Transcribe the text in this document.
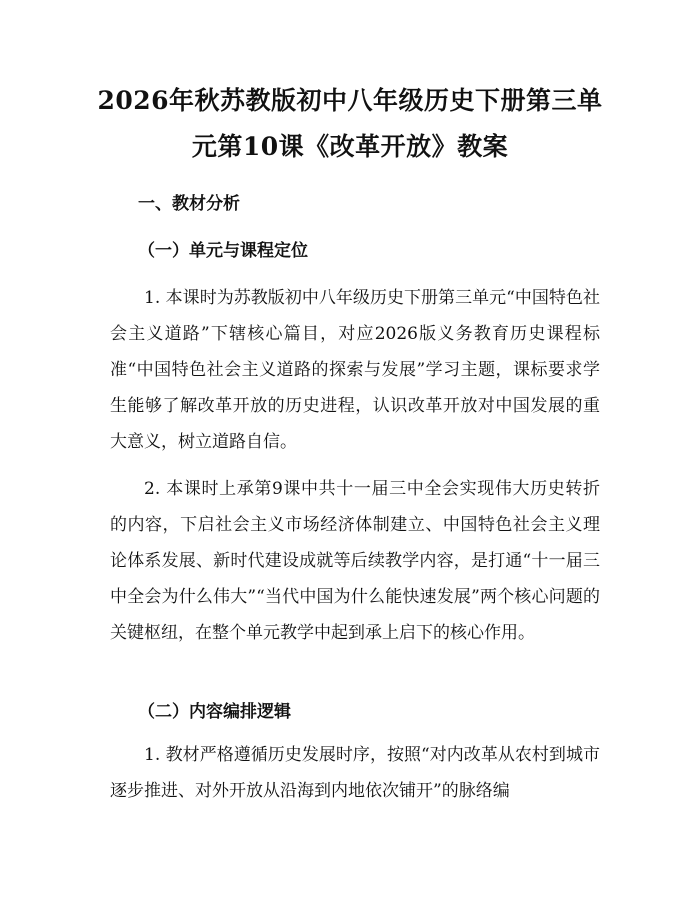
2026年秋苏教版初中八年级历史下册第三单
元第10课《改革开放》教案
一、教材分析
（一）单元与课程定位

1. 本课时为苏教版初中八年级历史下册第三单元“中国特色社会主义道路”下辖核心篇目，对应2026版义务教育历史课程标准“中国特色社会主义道路的探索与发展”学习主题，课标要求学生能够了解改革开放的历史进程，认识改革开放对中国发展的重大意义，树立道路自信。

2. 本课时上承第9课中共十一届三中全会实现伟大历史转折的内容，下启社会主义市场经济体制建立、中国特色社会主义理论体系发展、新时代建设成就等后续教学内容，是打通“十一届三中全会为什么伟大”“当代中国为什么能快速发展”两个核心问题的关键枢纽，在整个单元教学中起到承上启下的核心作用。

（二）内容编排逻辑

1. 教材严格遵循历史发展时序，按照“对内改革从农村到城市逐步推进、对外开放从沿海到内地依次铺开”的脉络编
